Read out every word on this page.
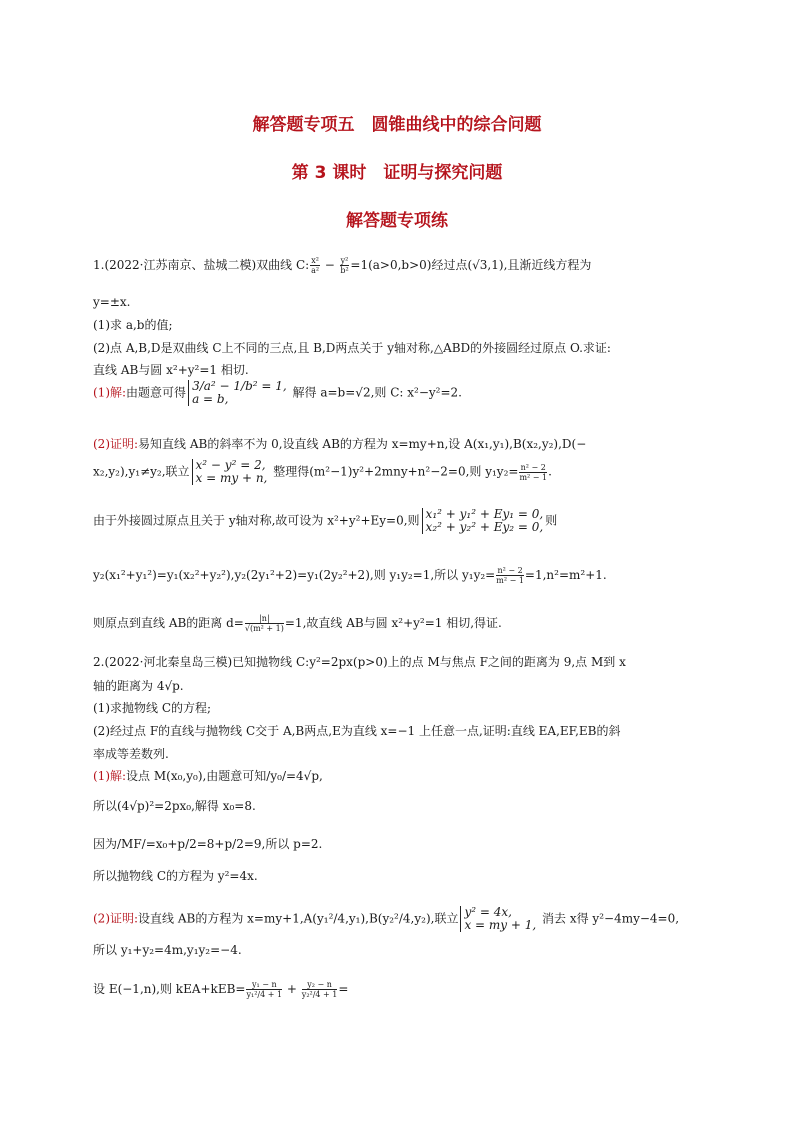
解答题专项五　圆锥曲线中的综合问题
第 3 课时　证明与探究问题
解答题专项练
1.(2022·江苏南京、盐城二模)双曲线 C: $\frac{\text{x²}}{\text{a²}} - \frac{\text{y²}}{\text{b²}} =1(a>0,b>0)$经过点(√3,1),且渐近线方程为
y=±x.
(1)求 a,b的值;
(2)点 A,B,D是双曲线 C上不同的三点,且 B,D两点关于 y轴对称,△ABD的外接圆经过原点 O.求证:
直线 AB与圆 x²+y²=1 相切.
(1)解:由题意可得 3/a² − 1/b² = 1,
a = b,	解得 a=b=√2,则 C: x²−y²=2.
(2)证明:易知直线 AB的斜率不为 0,设直线 AB的方程为 x=my+n,设 A(x₁,y₁),B(x₂,y₂),D(−
x₂,y₂),y₁≠y₂,联立 x² − y² = 2,
x = my + n, 整理得(m²−1)y²+2mny+n²−2=0,则 $y_1y_2= \frac{\text{n² − 2}}{\text{m² − 1}}$ .
由于外接圆过原点且关于 y轴对称,故可设为 x²+y²+Ey=0,则 x₁² + y₁² + Ey₁ = 0,
x₂² + y₂² + Ey₂ = 0, 则
y₂(x₁²+y₁²)=y₁(x₂²+y₂²),y₂(2y₁²+2)=y₁(2y₂²+2),则 y₁y₂=1,所以 $y_1y_2= \frac{\text{n² − 2}}{\text{m² − 1}} =1,n^2=m^2+1$.
则原点到直线 AB的距离 $d= \frac{|n|}{\text{√(m² + 1)}} =1$,故直线 AB与圆 x²+y²=1 相切,得证.
2.(2022·河北秦皇岛三模)已知抛物线 C:y²=2px(p>0)上的点 M与焦点 F之间的距离为 9,点 M到 x
轴的距离为 4√p.
(1)求抛物线 C的方程;
(2)经过点 F的直线与抛物线 C交于 A,B两点,E为直线 x=−1 上任意一点,证明:直线 EA,EF,EB的斜
率成等差数列.
(1)解:设点 M(x₀,y₀),由题意可知/y₀/=4√p,
所以(4√p)²=2px₀,解得 x₀=8.
因为/MF/=x₀+p/2=8+p/2=9,所以 p=2.
所以抛物线 C的方程为 y²=4x.
(2)证明:设直线 AB的方程为 x=my+1,A(y₁²/4,y₁),B(y₂²/4,y₂),联立 y² = 4x,
x = my + 1, 消去 x得 y²−4my−4=0,
所以 y₁+y₂=4m,y₁y₂=−4.
设 E(−1,n),则 $kEA+kEB= \frac{\text{y₁ − n}}{\text{y₁²/4 + 1}} + \frac{\text{y₂ − n}}{\text{y₂²/4 + 1}}$ =
